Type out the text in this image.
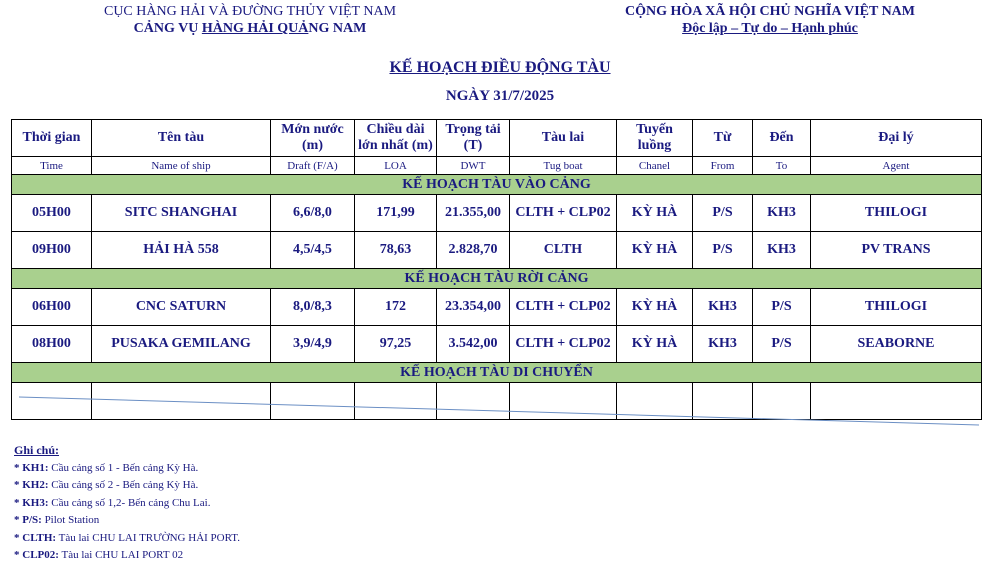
CỤC HÀNG HẢI VÀ ĐƯỜNG THỦY VIỆT NAM
CẢNG VỤ HÀNG HẢI QUẢNG NAM
CỘNG HÒA XÃ HỘI CHỦ NGHĨA VIỆT NAM
Độc lập – Tự do – Hạnh phúc
KẾ HOẠCH ĐIỀU ĐỘNG TÀU
NGÀY 31/7/2025
Thời gian	Tên tàu	Mớn nước (m)	Chiều dài lớn nhất (m)	Trọng tải (T)	Tàu lai	Tuyến luồng	Từ	Đến	Đại lý
Time	Name of ship	Draft (F/A)	LOA	DWT	Tug boat	Chanel	From	To	Agent
KẾ HOẠCH TÀU VÀO CẢNG									
05H00	SITC SHANGHAI	6,6/8,0	171,99	21.355,00	CLTH + CLP02	KỲ HÀ	P/S	KH3	THILOGI
09H00	HẢI HÀ 558	4,5/4,5	78,63	2.828,70	CLTH	KỲ HÀ	P/S	KH3	PV TRANS
KẾ HOẠCH TÀU RỜI CẢNG									
06H00	CNC SATURN	8,0/8,3	172	23.354,00	CLTH + CLP02	KỲ HÀ	KH3	P/S	THILOGI
08H00	PUSAKA GEMILANG	3,9/4,9	97,25	3.542,00	CLTH + CLP02	KỲ HÀ	KH3	P/S	SEABORNE
KẾ HOẠCH TÀU DI CHUYỂN									

Ghi chú:
* KH1: Cầu cảng số 1 - Bến cảng Kỳ Hà.
* KH2: Cầu cảng số 2 - Bến cảng Kỳ Hà.
* KH3: Cầu cảng số 1,2- Bến cảng Chu Lai.
* P/S: Pilot Station
* CLTH: Tàu lai CHU LAI TRƯỜNG HẢI PORT.
* CLP02: Tàu lai CHU LAI PORT 02
